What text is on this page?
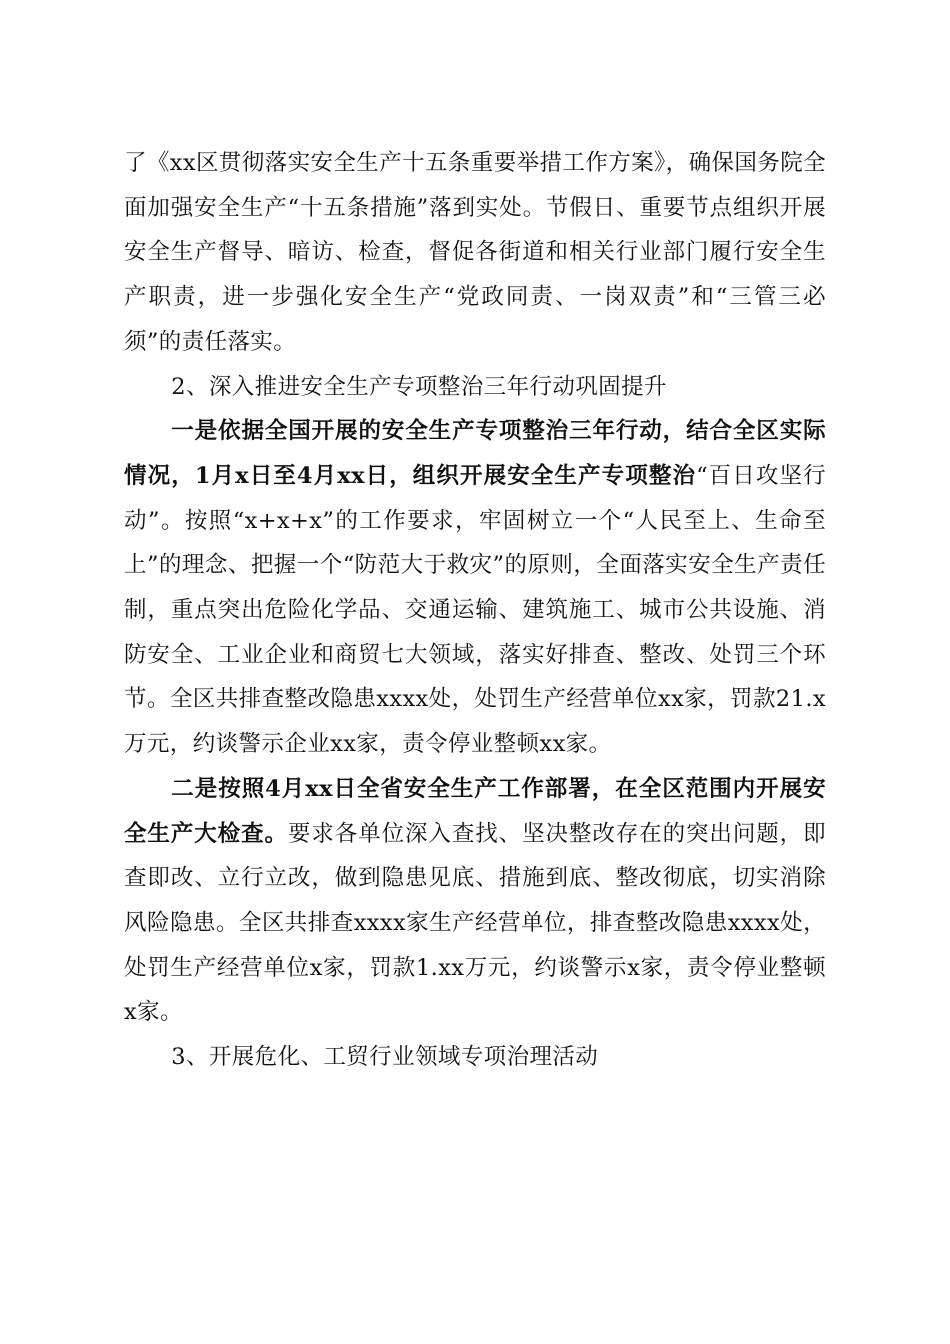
了《xx区贯彻落实安全生产十五条重要举措工作方案》，确保国务院全面加强安全生产“十五条措施”落到实处。节假日、重要节点组织开展安全生产督导、暗访、检查，督促各街道和相关行业部门履行安全生产职责，进一步强化安全生产“党政同责、一岗双责”和“三管三必须”的责任落实。

2、深入推进安全生产专项整治三年行动巩固提升

一是依据全国开展的安全生产专项整治三年行动，结合全区实际情况，1月x日至4月xx日，组织开展安全生产专项整治“百日攻坚行动”。按照“x+x+x”的工作要求，牢固树立一个“人民至上、生命至上”的理念、把握一个“防范大于救灾”的原则，全面落实安全生产责任制，重点突出危险化学品、交通运输、建筑施工、城市公共设施、消防安全、工业企业和商贸七大领域，落实好排查、整改、处罚三个环节。全区共排查整改隐患xxxx处，处罚生产经营单位xx家，罚款21.x万元，约谈警示企业xx家，责令停业整顿xx家。

二是按照4月xx日全省安全生产工作部署，在全区范围内开展安全生产大检查。要求各单位深入查找、坚决整改存在的突出问题，即查即改、立行立改，做到隐患见底、措施到底、整改彻底，切实消除风险隐患。全区共排查xxxx家生产经营单位，排查整改隐患xxxx处，处罚生产经营单位x家，罚款1.xx万元，约谈警示x家，责令停业整顿x家。

3、开展危化、工贸行业领域专项治理活动
